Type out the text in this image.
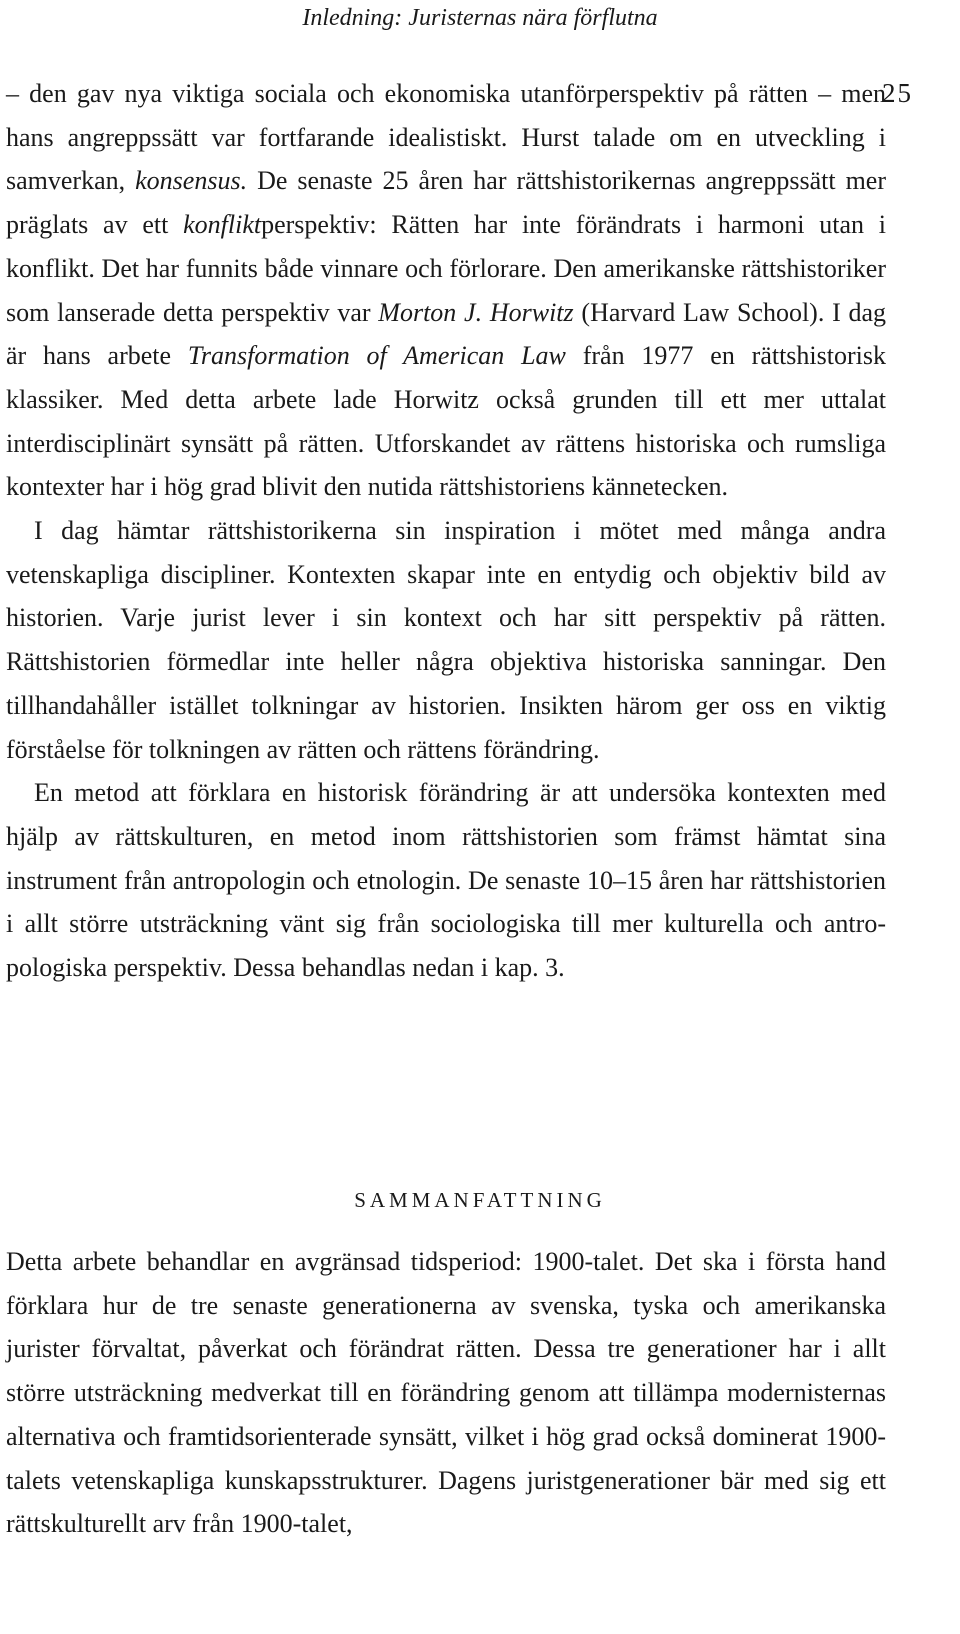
Inledning: Juristernas nära förflutna
25

– den gav nya viktiga sociala och ekonomiska utanförperspektiv på rätten – men hans angreppssätt var fortfarande idealistiskt. Hurst talade om en utveckling i samverkan, konsensus. De senaste 25 åren har rättshistorikernas angreppssätt mer präglats av ett konfliktperspektiv: Rätten har inte förändrats i harmoni utan i konflikt. Det har funnits både vinnare och förlorare. Den amerikanske rättshistoriker som lanserade detta perspektiv var Morton J. Horwitz (Harvard Law School). I dag är hans arbete Transformation of American Law från 1977 en rättshistorisk klassiker. Med detta arbete lade Horwitz också grunden till ett mer uttalat interdisciplinärt synsätt på rätten. Utforskandet av rättens historiska och rumsliga kontexter har i hög grad blivit den nutida rättshistoriens kännetecken.

I dag hämtar rättshistorikerna sin inspiration i mötet med många andra vetenskapliga discipliner. Kontexten skapar inte en entydig och objektiv bild av historien. Varje jurist lever i sin kontext och har sitt perspektiv på rätten. Rättshistorien förmedlar inte heller några objektiva historiska sanningar. Den tillhandahåller istället tolkningar av historien. Insikten härom ger oss en viktig förståelse för tolkningen av rätten och rättens förändring.

En metod att förklara en historisk förändring är att undersöka kontexten med hjälp av rättskulturen, en metod inom rättshistorien som främst hämtat sina instrument från antropologin och etnologin. De senaste 10–15 åren har rättshistorien i allt större utsträckning vänt sig från sociologiska till mer kulturella och antropologiska perspektiv. Dessa behandlas nedan i kap. 3.

SAMMANFATTNING

Detta arbete behandlar en avgränsad tidsperiod: 1900-talet. Det ska i första hand förklara hur de tre senaste generationerna av svenska, tyska och amerikanska jurister förvaltat, påverkat och förändrat rätten. Dessa tre generationer har i allt större utsträckning medverkat till en förändring genom att tillämpa modernisternas alternativa och framtidsorienterade synsätt, vilket i hög grad också dominerat 1900-talets vetenskapliga kunskapsstrukturer. Dagens juristgenerationer bär med sig ett rättskulturellt arv från 1900-talet,
